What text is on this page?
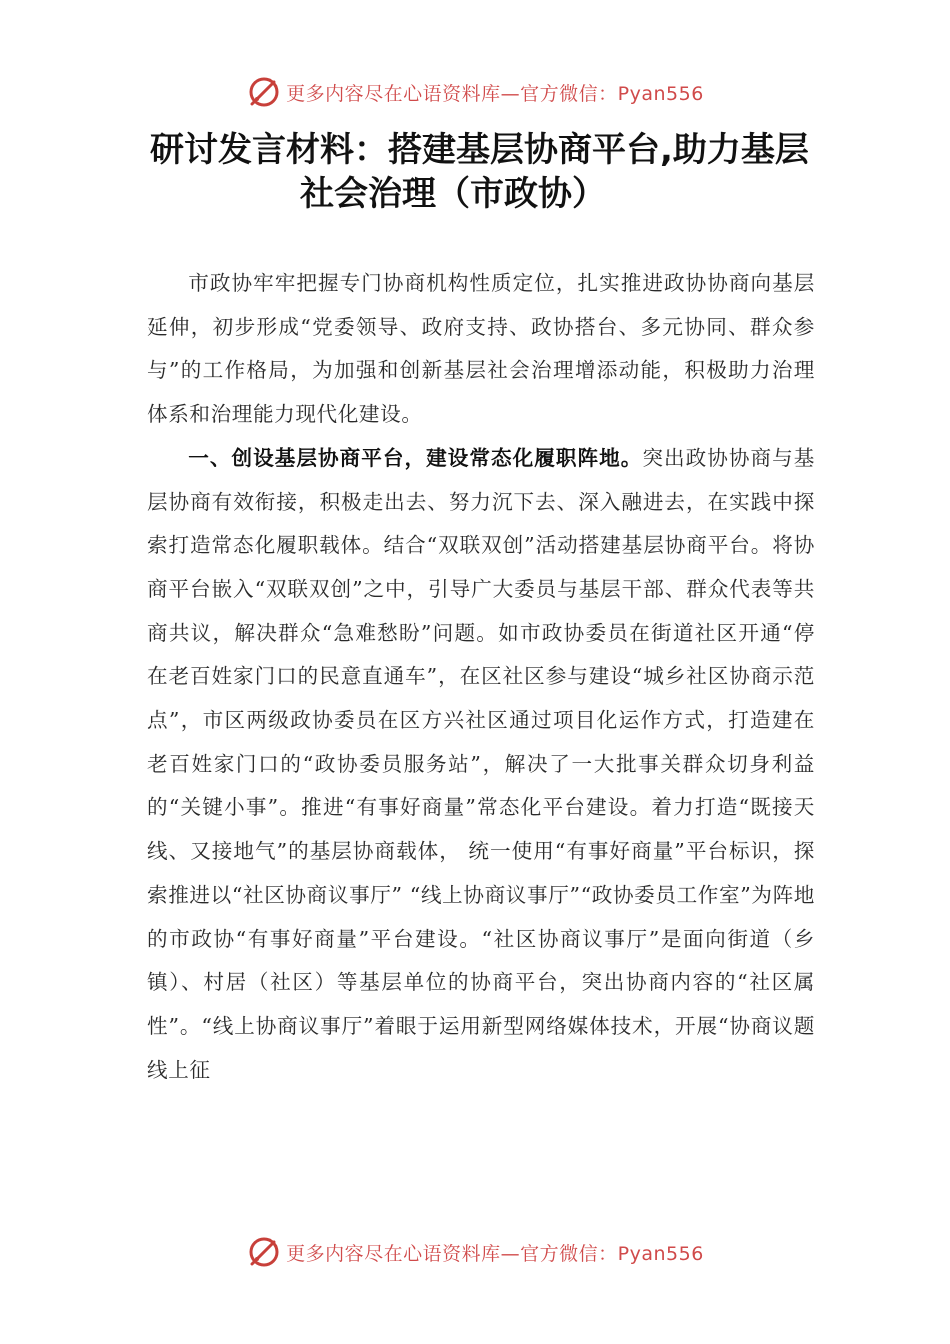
更多内容尽在心语资料库—官方微信：Pyan556
研讨发言材料：搭建基层协商平台,助力基层
社会治理（市政协）

市政协牢牢把握专门协商机构性质定位，扎实推进政协协商向基层延伸，初步形成“党委领导、政府支持、政协搭台、多元协同、群众参与”的工作格局，为加强和创新基层社会治理增添动能，积极助力治理体系和治理能力现代化建设。

一、创设基层协商平台，建设常态化履职阵地。突出政协协商与基层协商有效衔接，积极走出去、努力沉下去、深入融进去，在实践中探索打造常态化履职载体。结合“双联双创”活动搭建基层协商平台。将协商平台嵌入“双联双创”之中，引导广大委员与基层干部、群众代表等共商共议，解决群众“急难愁盼”问题。如市政协委员在街道社区开通“停在老百姓家门口的民意直通车”，在区社区参与建设“城乡社区协商示范点”，市区两级政协委员在区方兴社区通过项目化运作方式，打造建在老百姓家门口的“政协委员服务站”，解决了一大批事关群众切身利益的“关键小事”。推进“有事好商量”常态化平台建设。着力打造“既接天线、又接地气”的基层协商载体， 统一使用“有事好商量”平台标识，探索推进以“社区协商议事厅” “线上协商议事厅”“政协委员工作室”为阵地的市政协“有事好商量”平台建设。“社区协商议事厅”是面向街道（乡镇）、村居（社区）等基层单位的协商平台，突出协商内容的“社区属性”。“线上协商议事厅”着眼于运用新型网络媒体技术，开展“协商议题线上征

更多内容尽在心语资料库—官方微信：Pyan556
